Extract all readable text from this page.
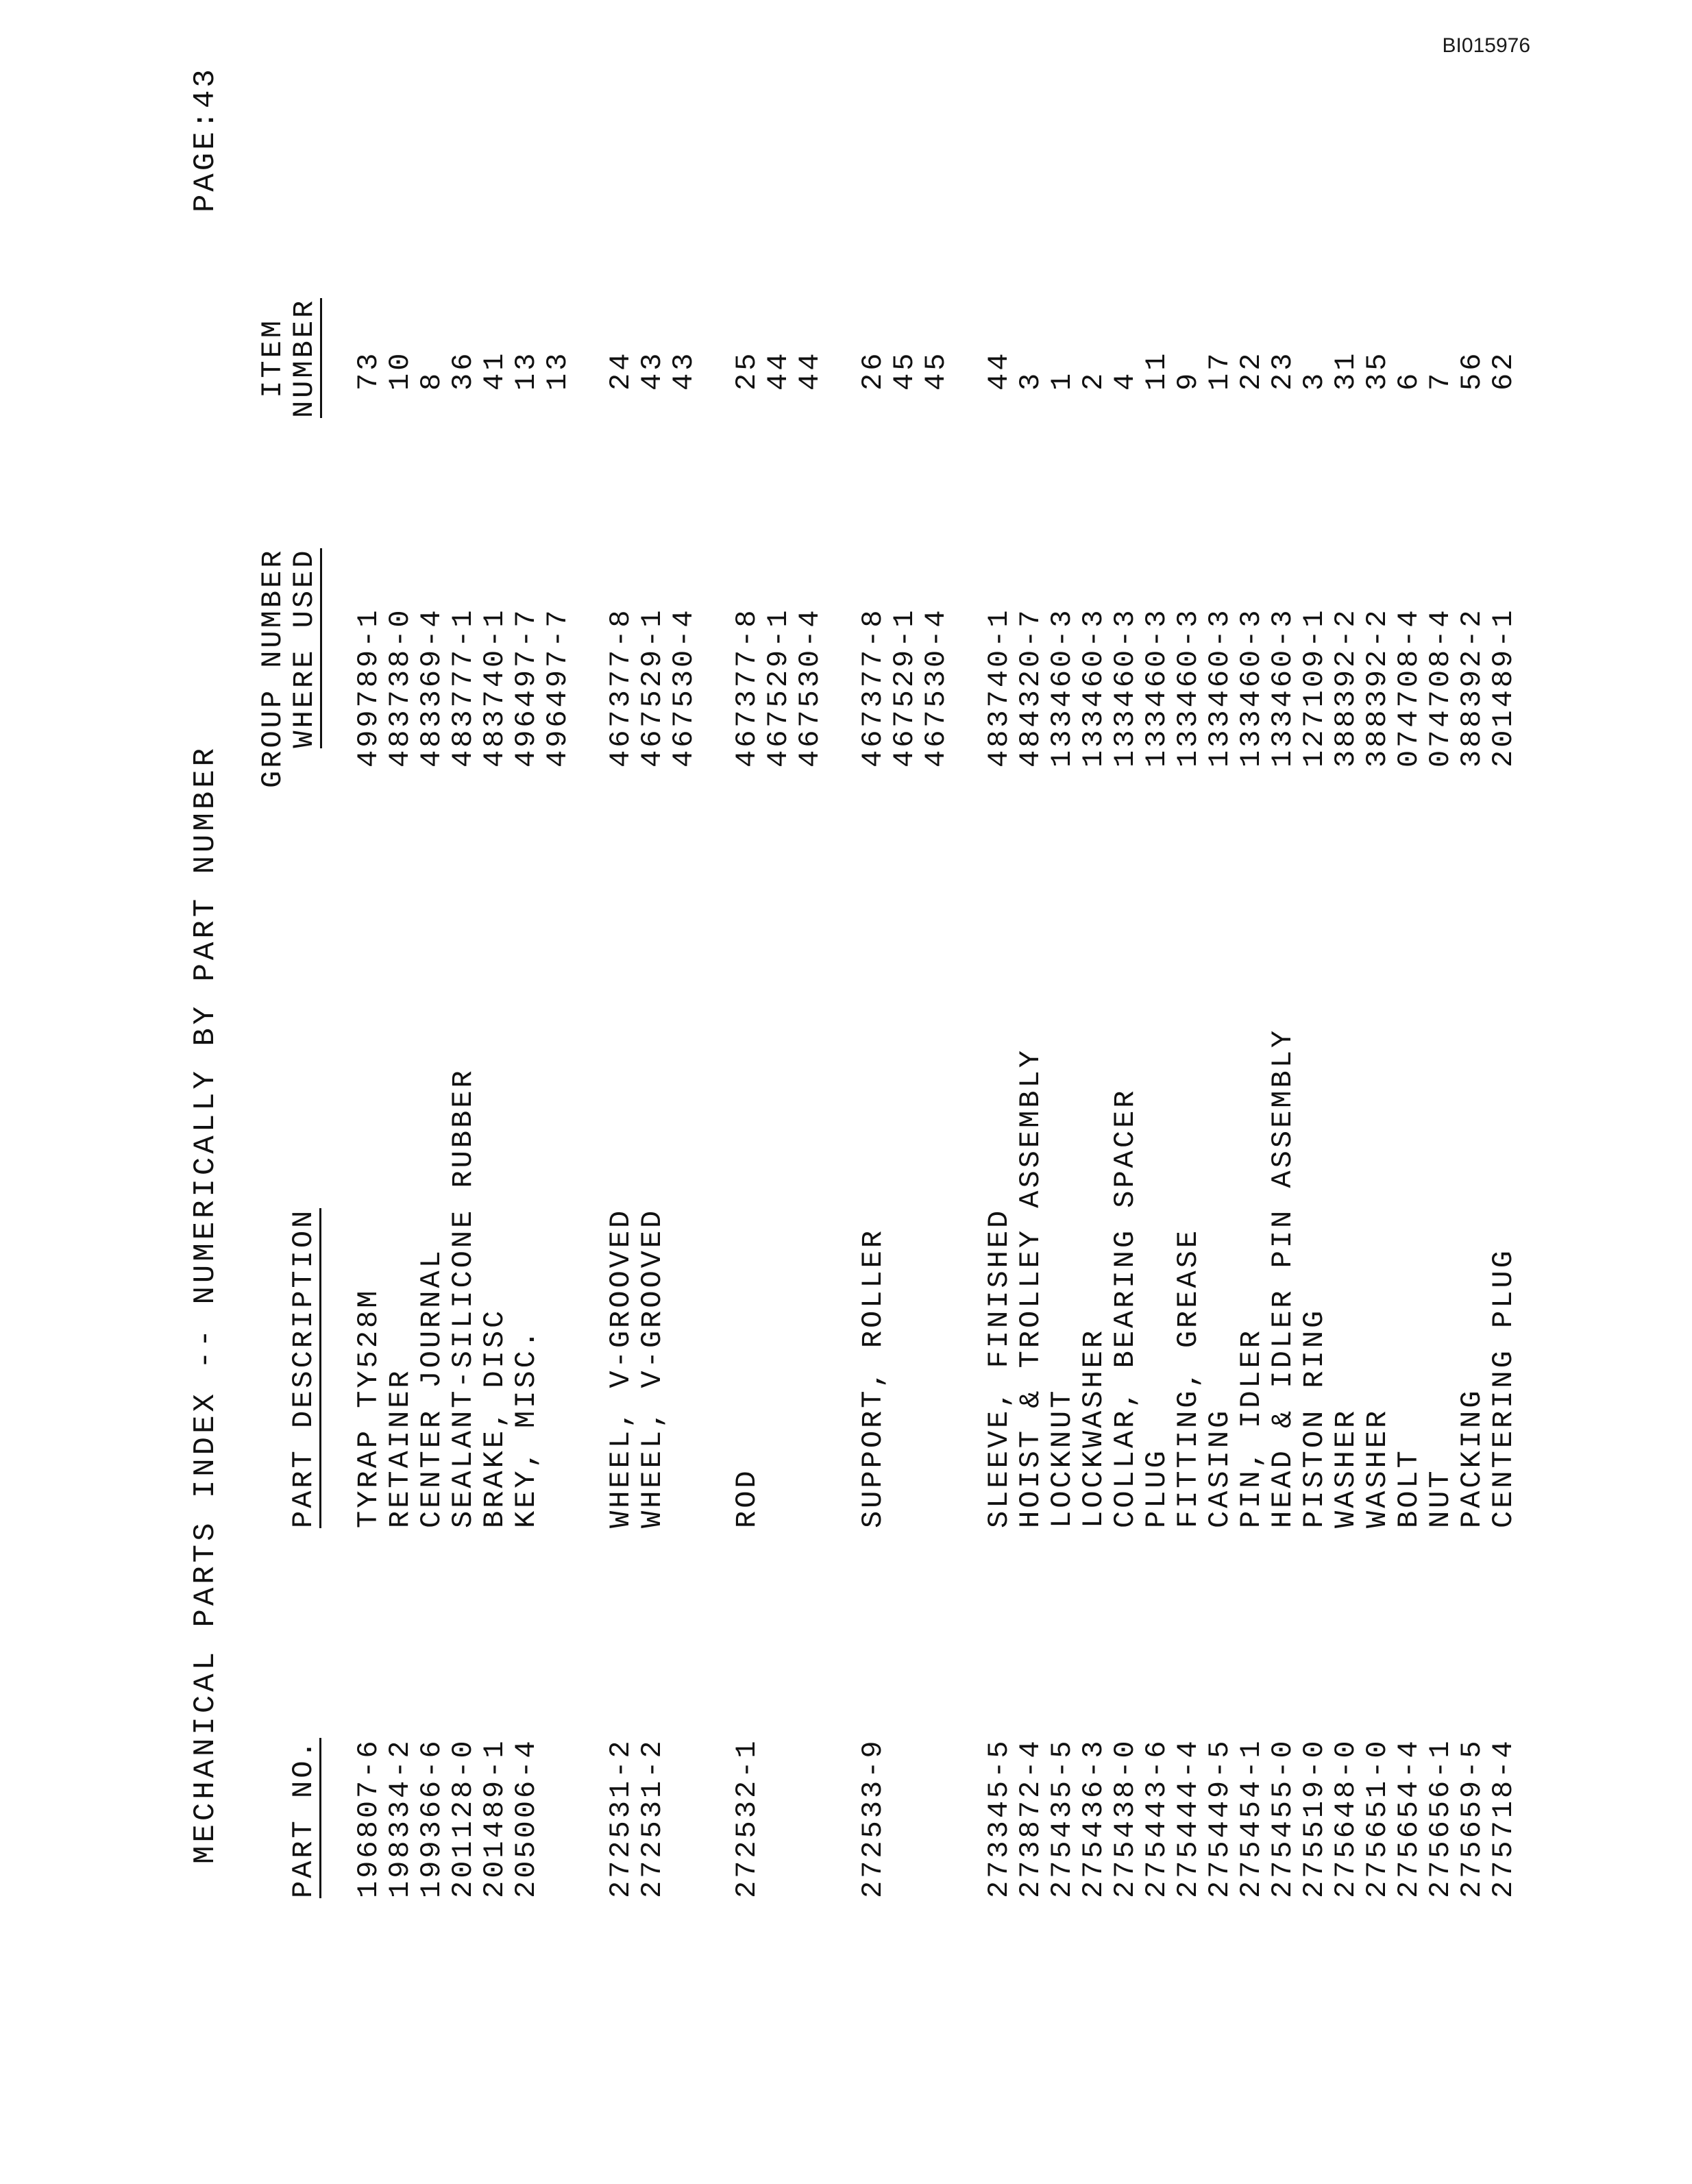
BI015976
MECHANICAL PARTS INDEX -- NUMERICALLY BY PART NUMBER
PAGE:43
PART NO.
PART DESCRIPTION
GROUP NUMBER
WHERE USED
ITEM
NUMBER
196807-6
TYRAP TY528M
499789-1
73
198334-2
RETAINER
483738-0
10
199366-6
CENTER JOURNAL
483369-4
8
201128-0
SEALANT-SILICONE RUBBER
483777-1
36
201489-1
BRAKE, DISC
483740-1
41
205006-4
KEY, MISC.
496497-7
13
496497-7
13
272531-2
WHEEL, V-GROOVED
467377-8
24
272531-2
WHEEL, V-GROOVED
467529-1
43
467530-4
43
272532-1
ROD
467377-8
25
467529-1
44
467530-4
44
272533-9
SUPPORT, ROLLER
467377-8
26
467529-1
45
467530-4
45
273345-5
SLEEVE, FINISHED
483740-1
44
273872-4
HOIST & TROLLEY ASSEMBLY
484320-7
3
275435-5
LOCKNUT
133460-3
1
275436-3
LOCKWASHER
133460-3
2
275438-0
COLLAR, BEARING SPACER
133460-3
4
275443-6
PLUG
133460-3
11
275444-4
FITTING, GREASE
133460-3
9
275449-5
CASING
133460-3
17
275454-1
PIN, IDLER
133460-3
22
275455-0
HEAD & IDLER PIN ASSEMBLY
133460-3
23
275519-0
PISTON RING
127109-1
3
275648-0
WASHER
388392-2
31
275651-0
WASHER
388392-2
35
275654-4
BOLT
074708-4
6
275656-1
NUT
074708-4
7
275659-5
PACKING
388392-2
56
275718-4
CENTERING PLUG
201489-1
62
